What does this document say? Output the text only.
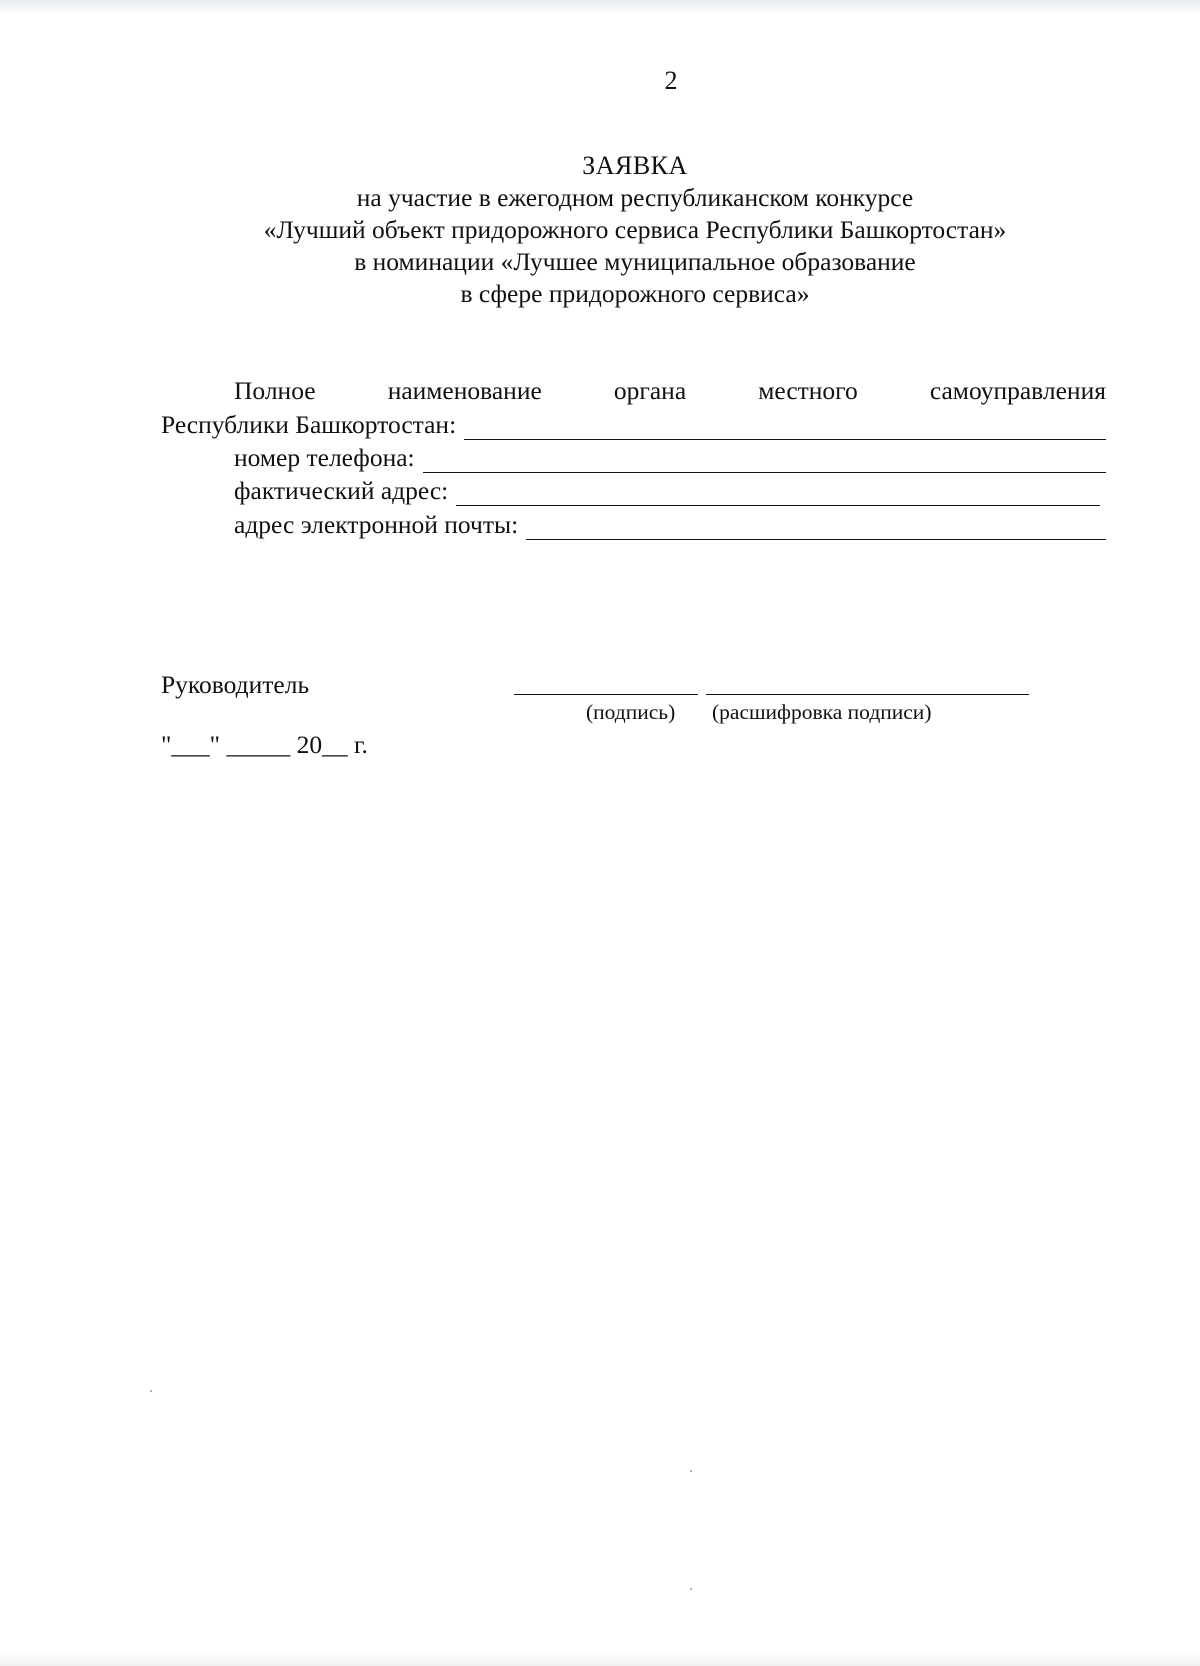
2
ЗАЯВКА
на участие в ежегодном республиканском конкурсе
«Лучший объект придорожного сервиса Республики Башкортостан»
в номинации «Лучшее муниципальное образование
в сфере придорожного сервиса»
Полное	наименование	органа	местного	самоуправления
Республики Башкортостан:
номер телефона:
фактический адрес:
адрес электронной почты:
Руководитель
(подпись) (расшифровка подписи)
"___" _____ 20__ г.
